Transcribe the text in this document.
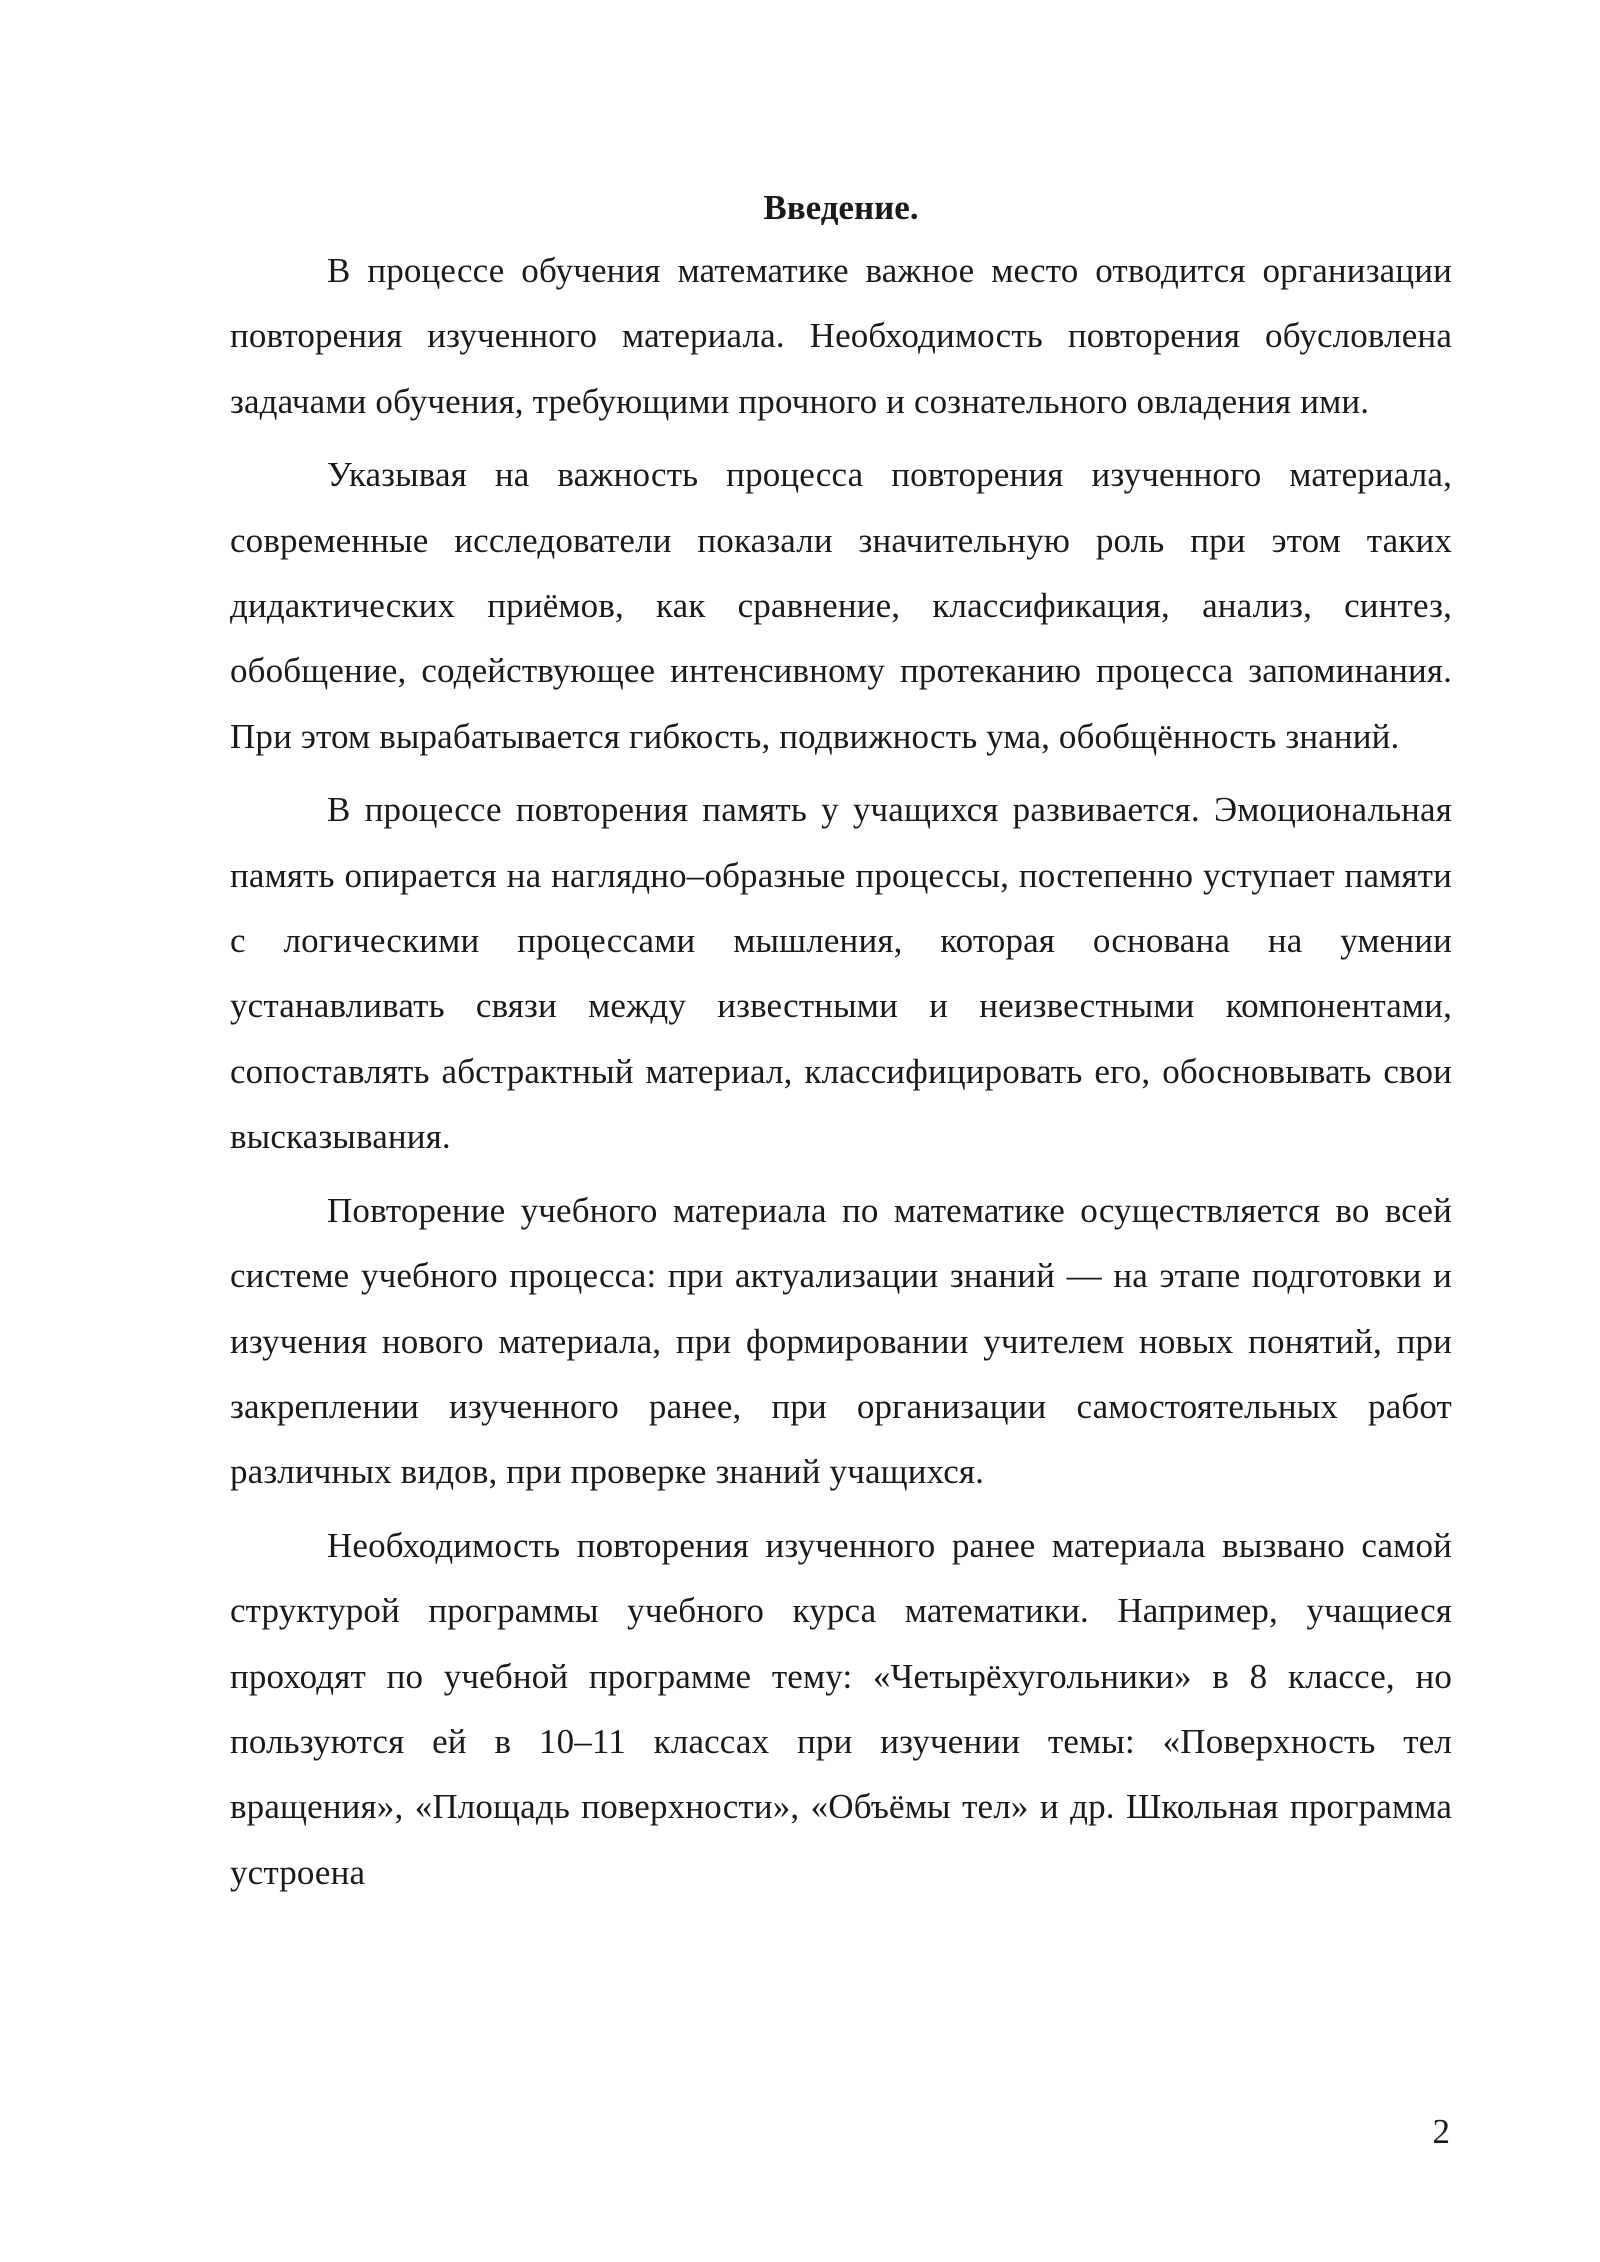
Введение.

В процессе обучения математике важное место отводится организации повторения изученного материала. Необходимость повторения обусловлена задачами обучения, требующими прочного и сознательного овладения ими.

Указывая на важность процесса повторения изученного материала, современные исследователи показали значительную роль при этом таких дидактических приёмов, как сравнение, классификация, анализ, синтез, обобщение, содействующее интенсивному протеканию процесса запоминания. При этом вырабатывается гибкость, подвижность ума, обобщённость знаний.

В процессе повторения память у учащихся развивается. Эмоциональная память опирается на наглядно–образные процессы, постепенно уступает памяти с логическими процессами мышления, которая основана на умении устанавливать связи между известными и неизвестными компонентами, сопоставлять абстрактный материал, классифицировать его, обосновывать свои высказывания.

Повторение учебного материала по математике осуществляется во всей системе учебного процесса: при актуализации знаний — на этапе подготовки и изучения нового материала, при формировании учителем новых понятий, при закреплении изученного ранее, при организации самостоятельных работ различных видов, при проверке знаний учащихся.

Необходимость повторения изученного ранее материала вызвано самой структурой программы учебного курса математики. Например, учащиеся проходят по учебной программе тему: «Четырёхугольники» в 8 классе, но пользуются ей в 10–11 классах при изучении темы: «Поверхность тел вращения», «Площадь поверхности», «Объёмы тел» и др. Школьная программа устроена

2
